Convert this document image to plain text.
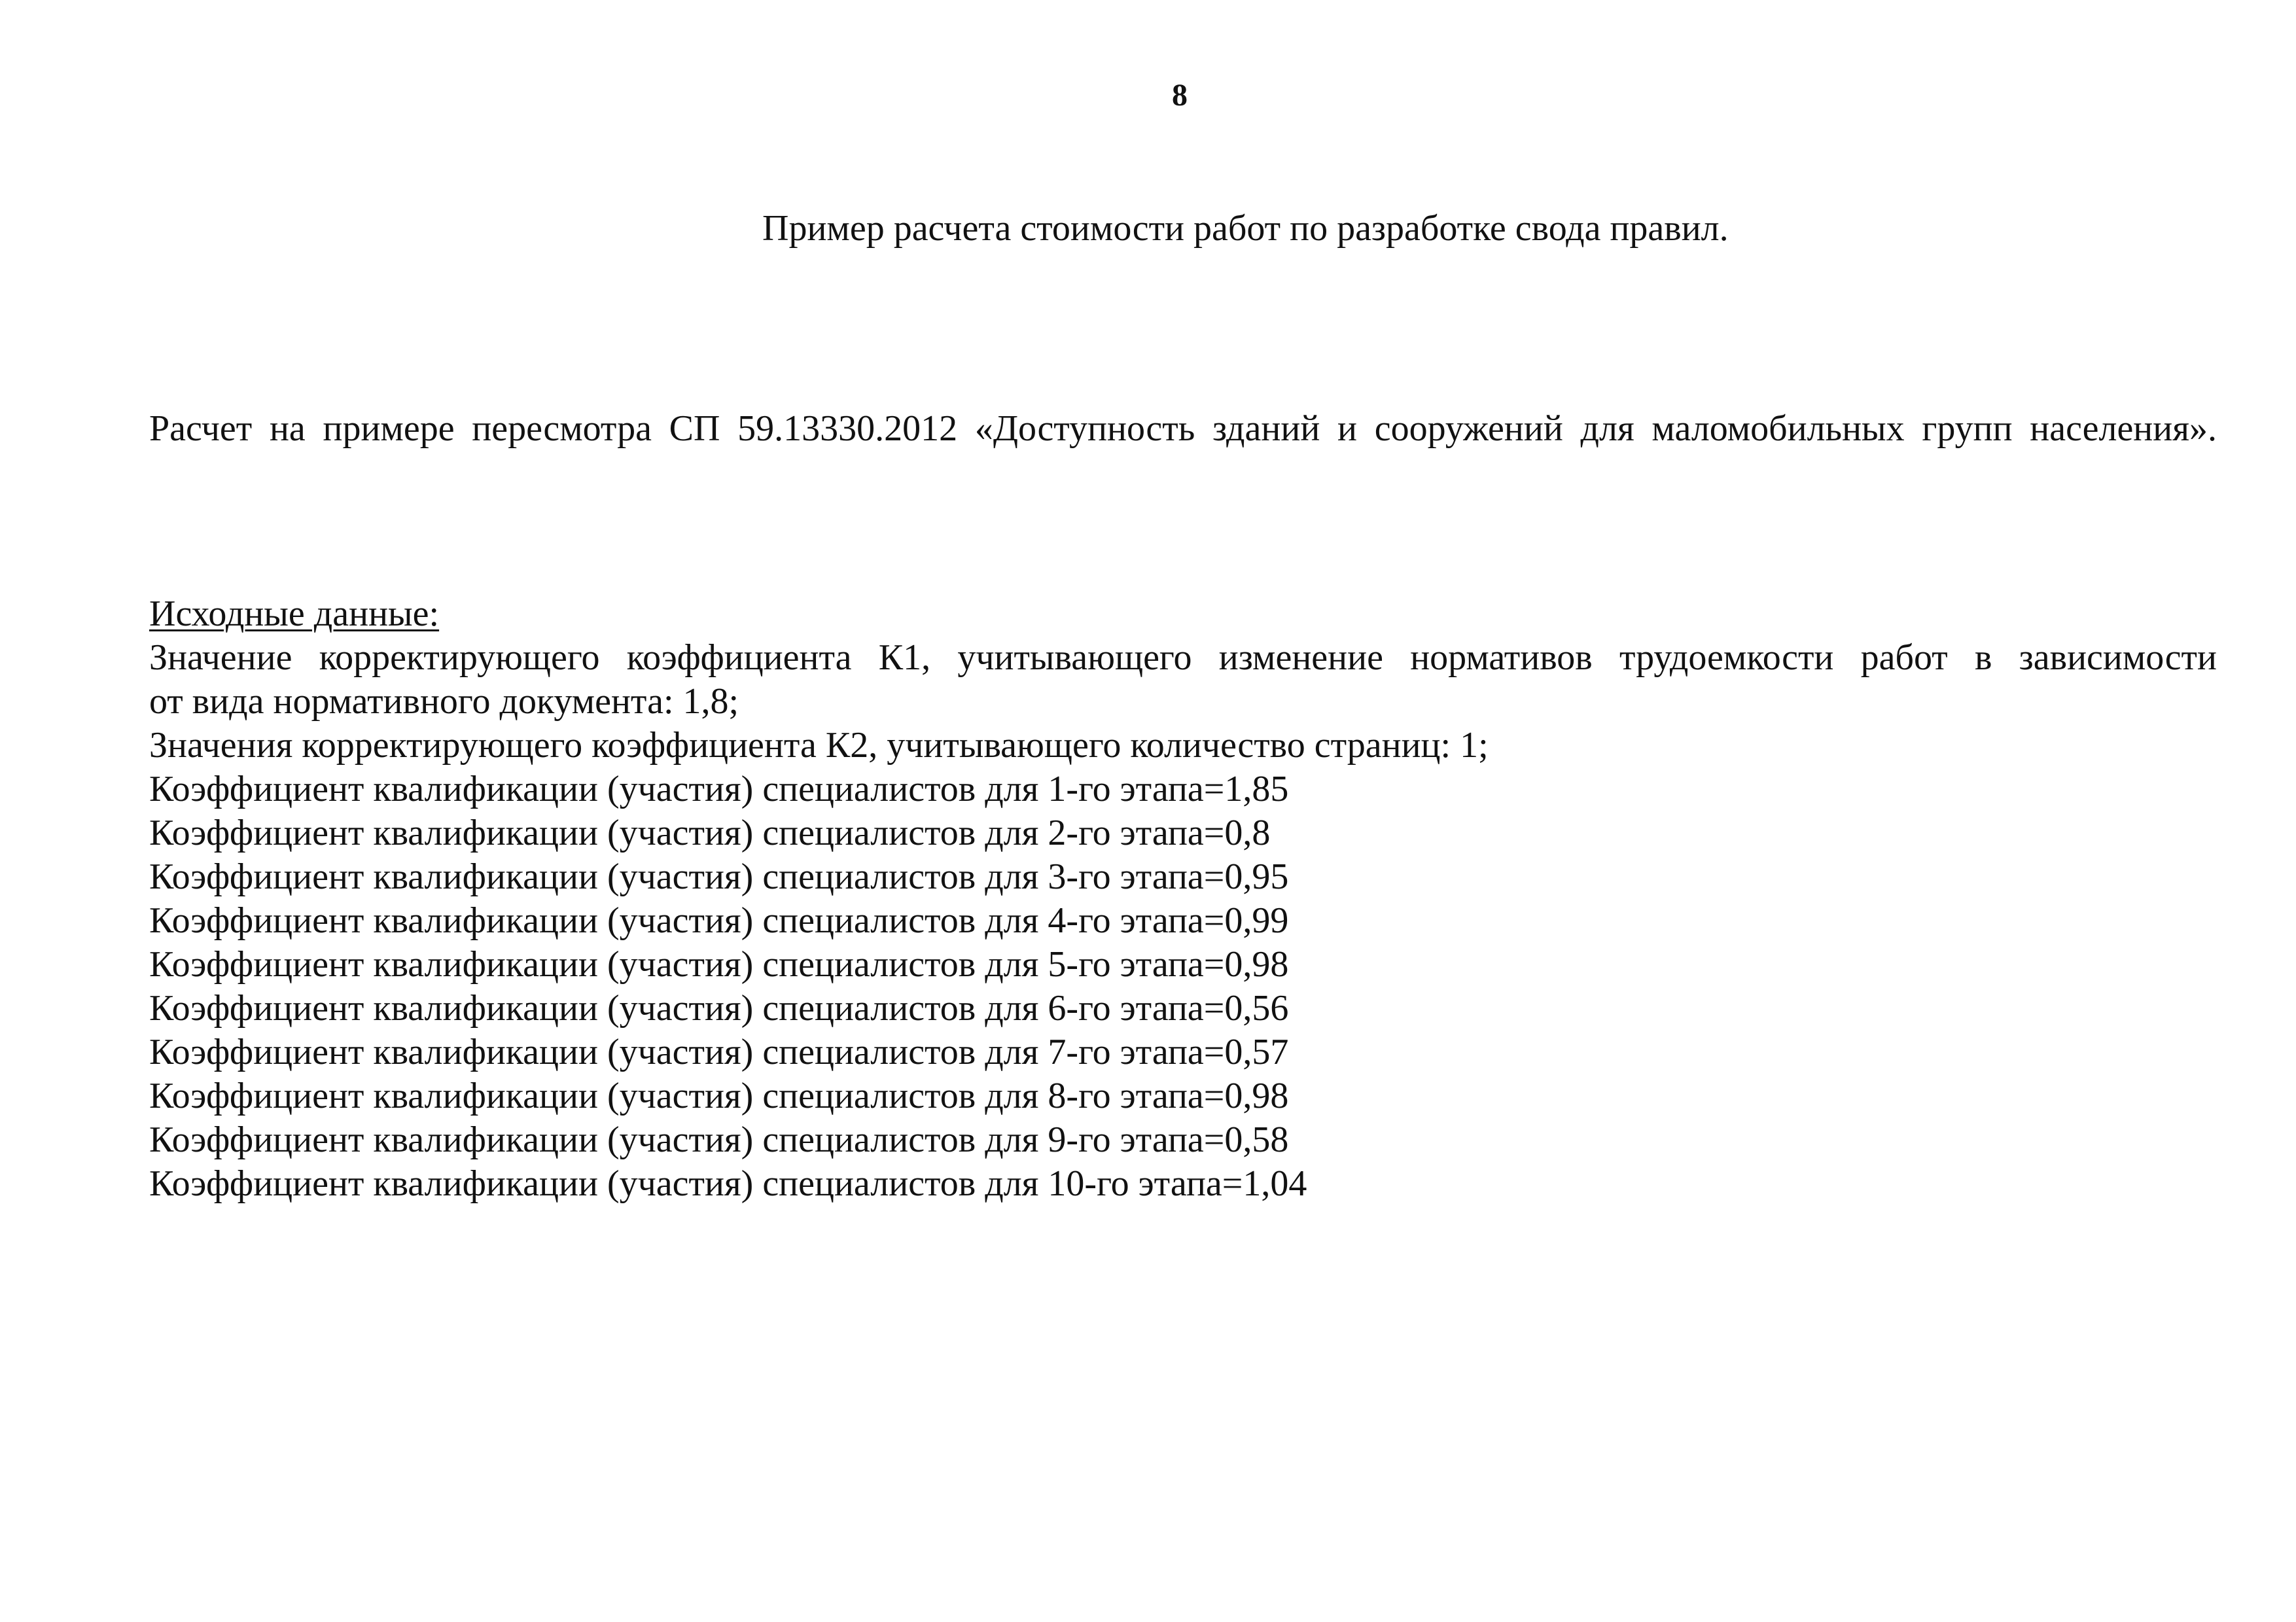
8
Пример расчета стоимости работ по разработке свода правил.
Расчет на примере пересмотра СП 59.13330.2012 «Доступность зданий и сооружений для маломобильных групп населения».
Исходные данные:
Значение корректирующего коэффициента К1, учитывающего изменение нормативов трудоемкости работ в зависимости
от вида нормативного документа: 1,8;
Значения корректирующего коэффициента К2, учитывающего количество страниц: 1;
Коэффициент квалификации (участия) специалистов для 1-го этапа=1,85
Коэффициент квалификации (участия) специалистов для 2-го этапа=0,8
Коэффициент квалификации (участия) специалистов для 3-го этапа=0,95
Коэффициент квалификации (участия) специалистов для 4-го этапа=0,99
Коэффициент квалификации (участия) специалистов для 5-го этапа=0,98
Коэффициент квалификации (участия) специалистов для 6-го этапа=0,56
Коэффициент квалификации (участия) специалистов для 7-го этапа=0,57
Коэффициент квалификации (участия) специалистов для 8-го этапа=0,98
Коэффициент квалификации (участия) специалистов для 9-го этапа=0,58
Коэффициент квалификации (участия) специалистов для 10-го этапа=1,04
